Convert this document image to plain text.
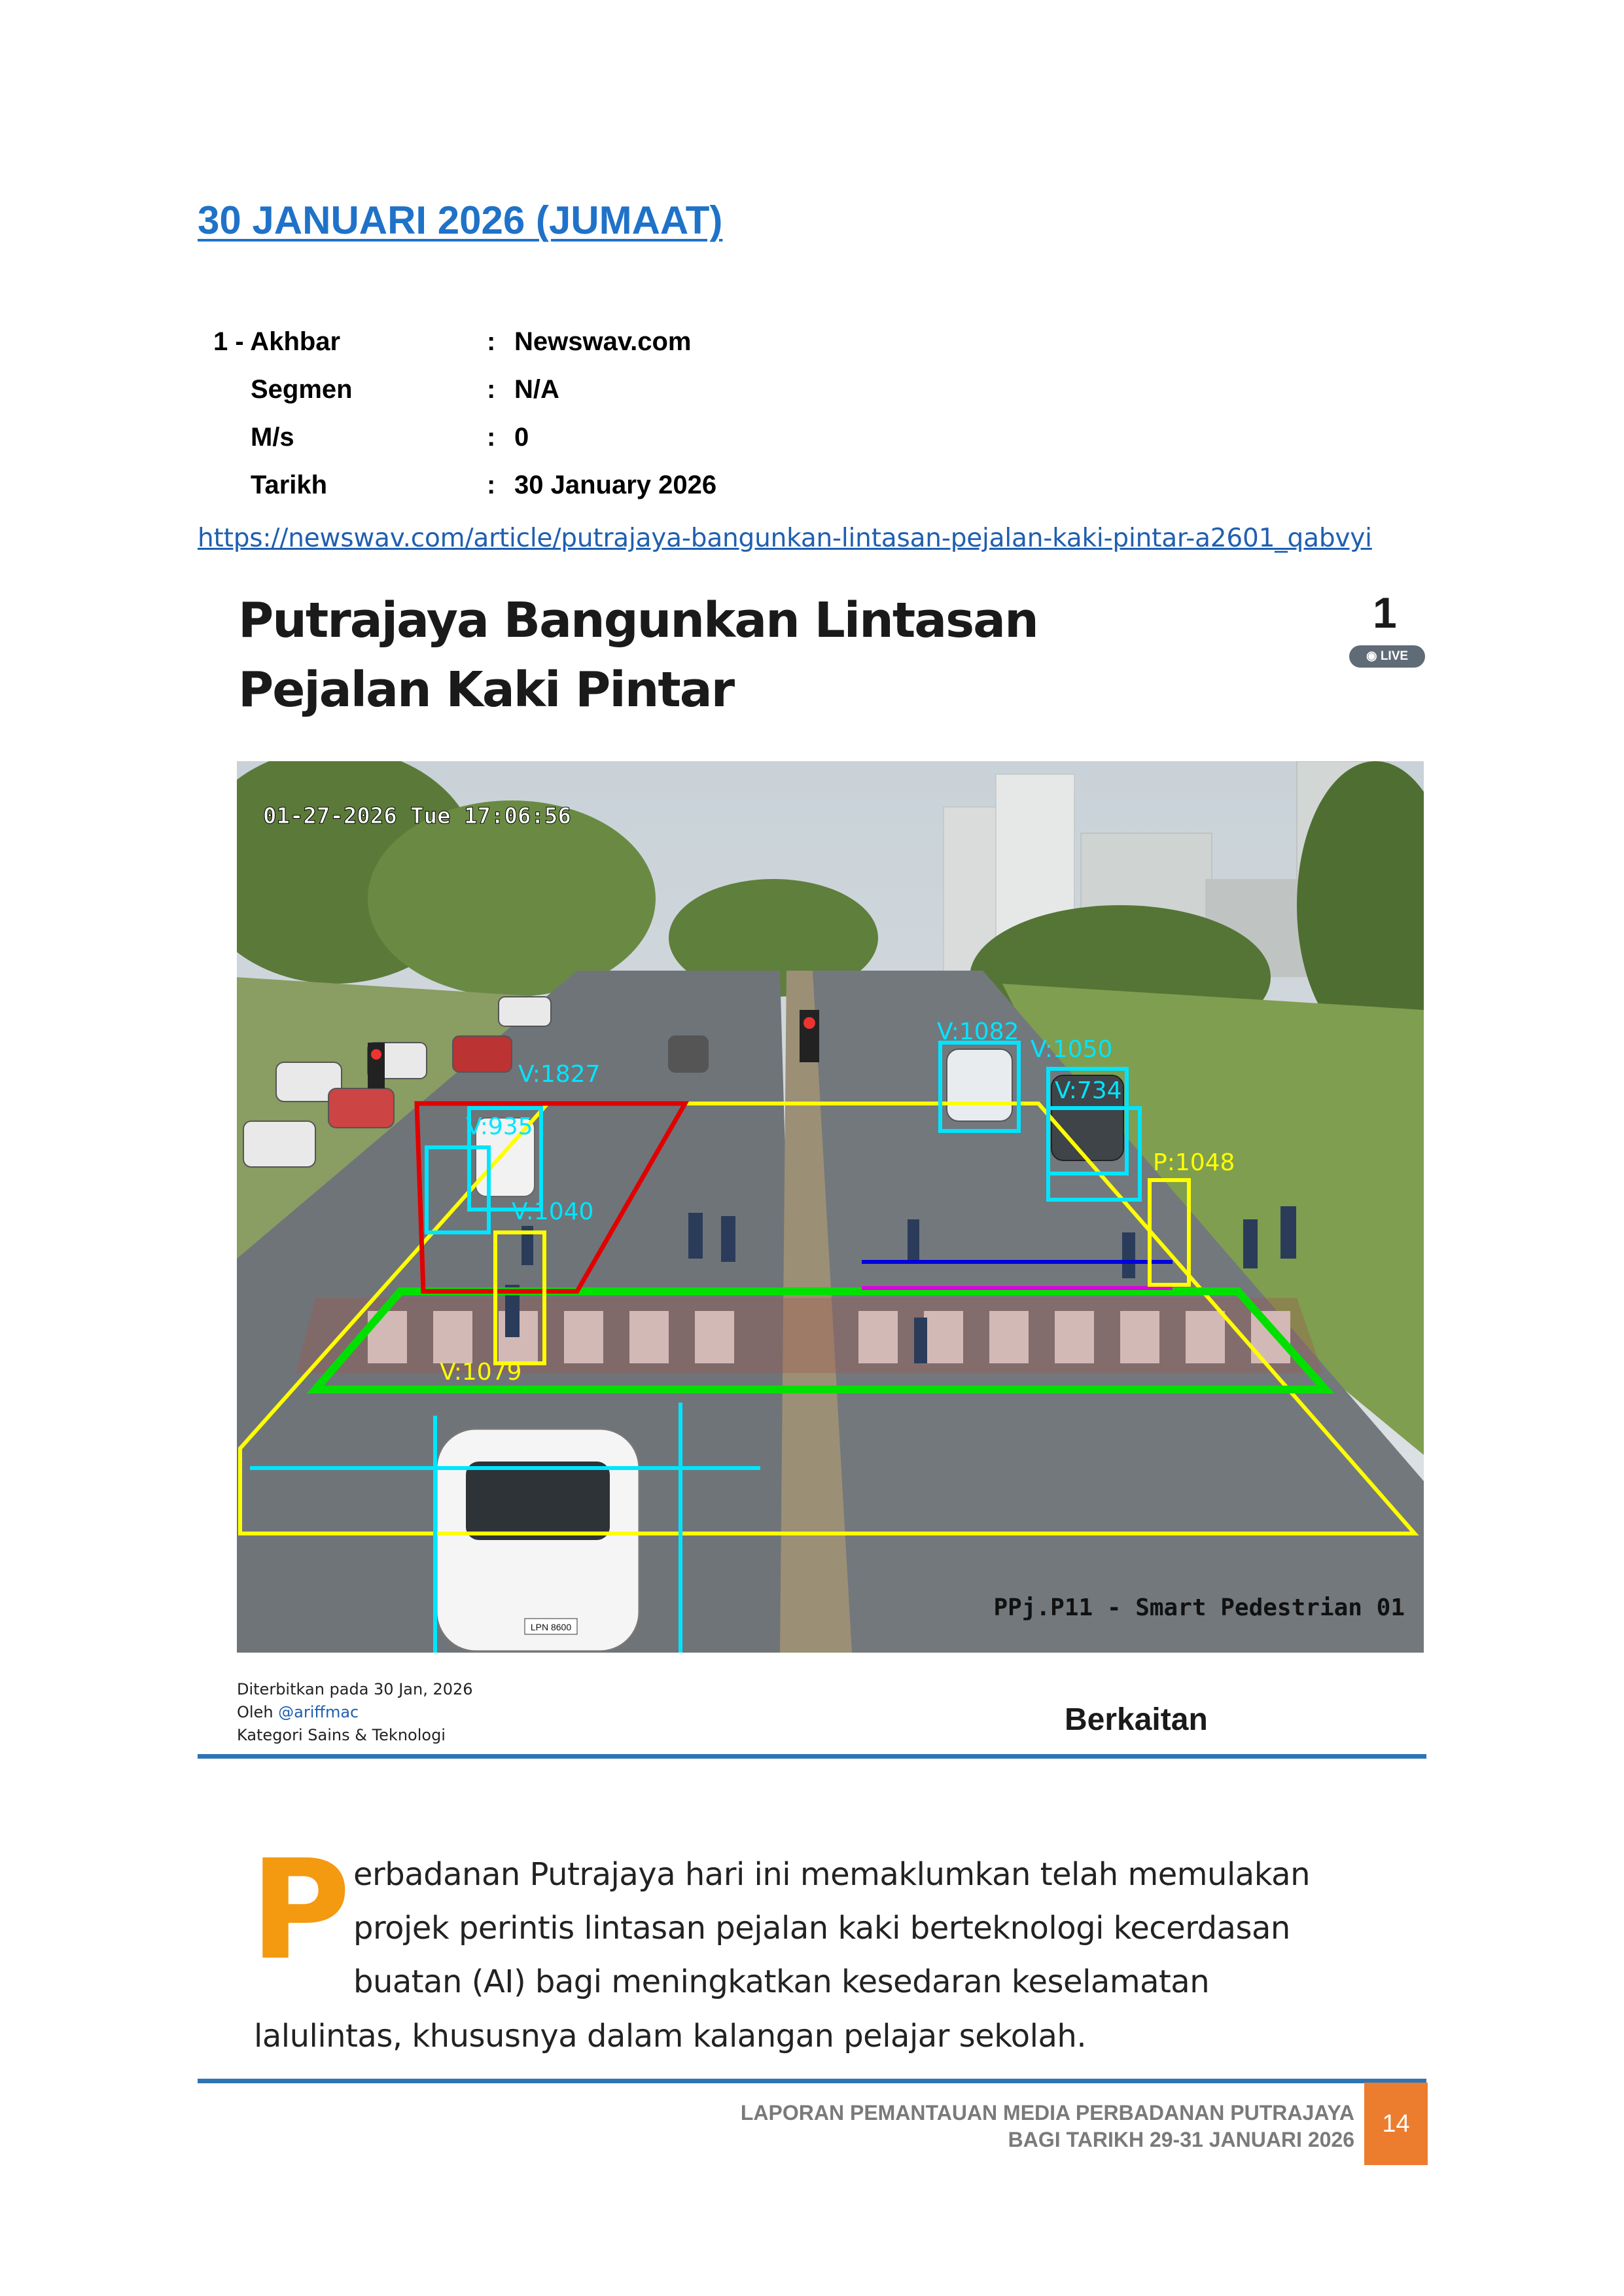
30 JANUARI 2026 (JUMAAT)
1 - Akhbar	: Newswav.com
Segmen	: N/A
M/s	: 0
Tarikh	: 30 January 2026
https://newswav.com/article/putrajaya-bangunkan-lintasan-pejalan-kaki-pintar-a2601_qabvyi
Putrajaya Bangunkan Lintasan
Pejalan Kaki Pintar
1
◉ LIVE
LPN 8600
V:1082
V:1050
V:734
P:1048
V:935
V:1827
V:1040
V:1079
01-27-2026 Tue 17:06:56
PPj.P11 - Smart Pedestrian 01
Diterbitkan pada 30 Jan, 2026
Oleh @ariffmac
Kategori Sains & Teknologi	Berkaitan
P erbadanan Putrajaya hari ini memaklumkan telah memulakan
projek perintis lintasan pejalan kaki berteknologi kecerdasan
buatan (AI) bagi meningkatkan kesedaran keselamatan
lalulintas, khususnya dalam kalangan pelajar sekolah.
LAPORAN PEMANTAUAN MEDIA PERBADANAN PUTRAJAYA
BAGI TARIKH 29-31 JANUARI 2026
14
